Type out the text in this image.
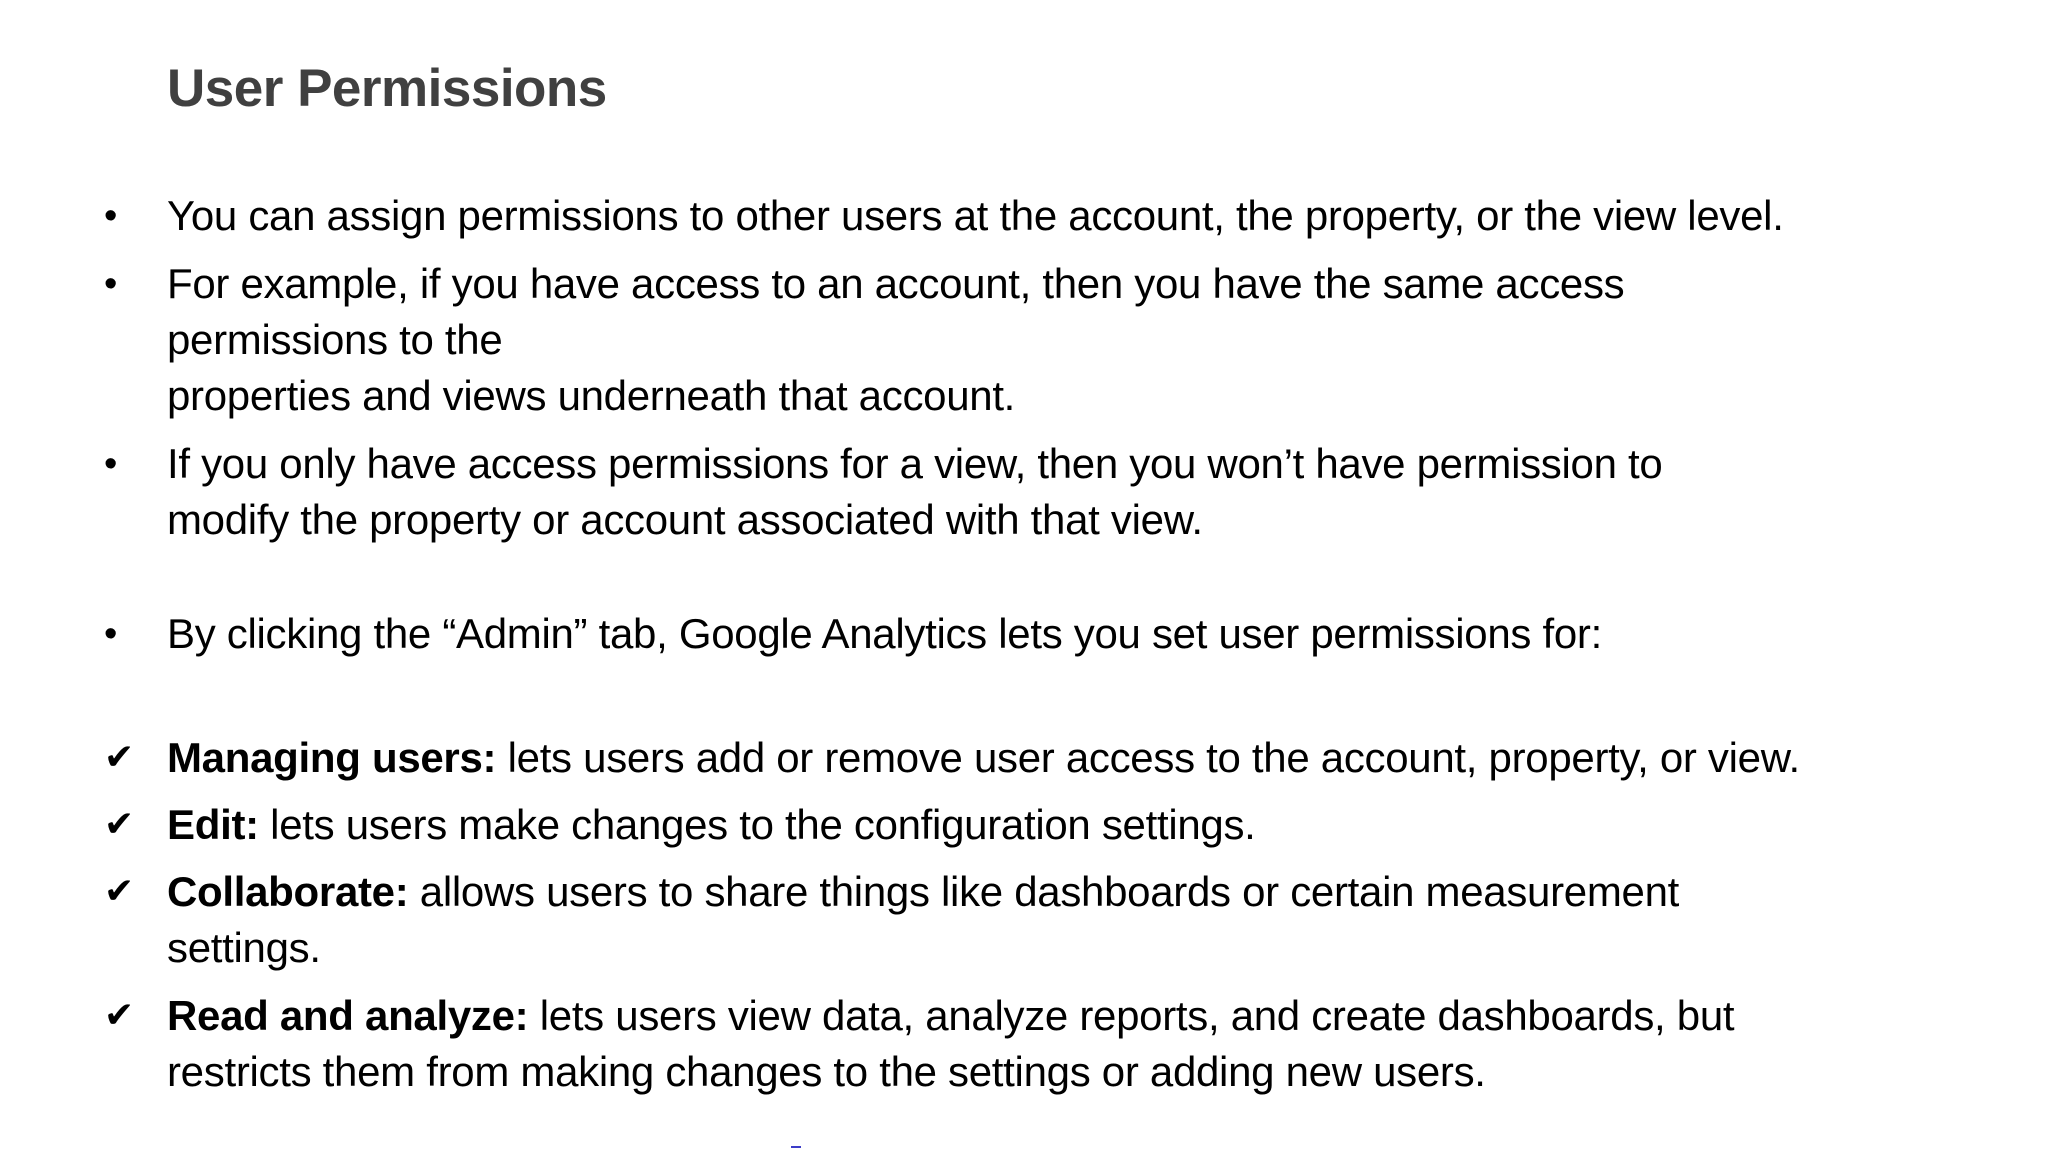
User Permissions
•	You can assign permissions to other users at the account, the property, or the view level.
•	For example, if you have access to an account, then you have the same access
permissions to the
properties and views underneath that account.
•	If you only have access permissions for a view, then you won’t have permission to
modify the property or account associated with that view.
•	By clicking the “Admin” tab, Google Analytics lets you set user permissions for:
✔ Managing users: lets users add or remove user access to the account, property, or view.
✔ Edit: lets users make changes to the configuration settings.
✔ Collaborate: allows users to share things like dashboards or certain measurement
settings.
✔ Read and analyze: lets users view data, analyze reports, and create dashboards, but
restricts them from making changes to the settings or adding new users.
